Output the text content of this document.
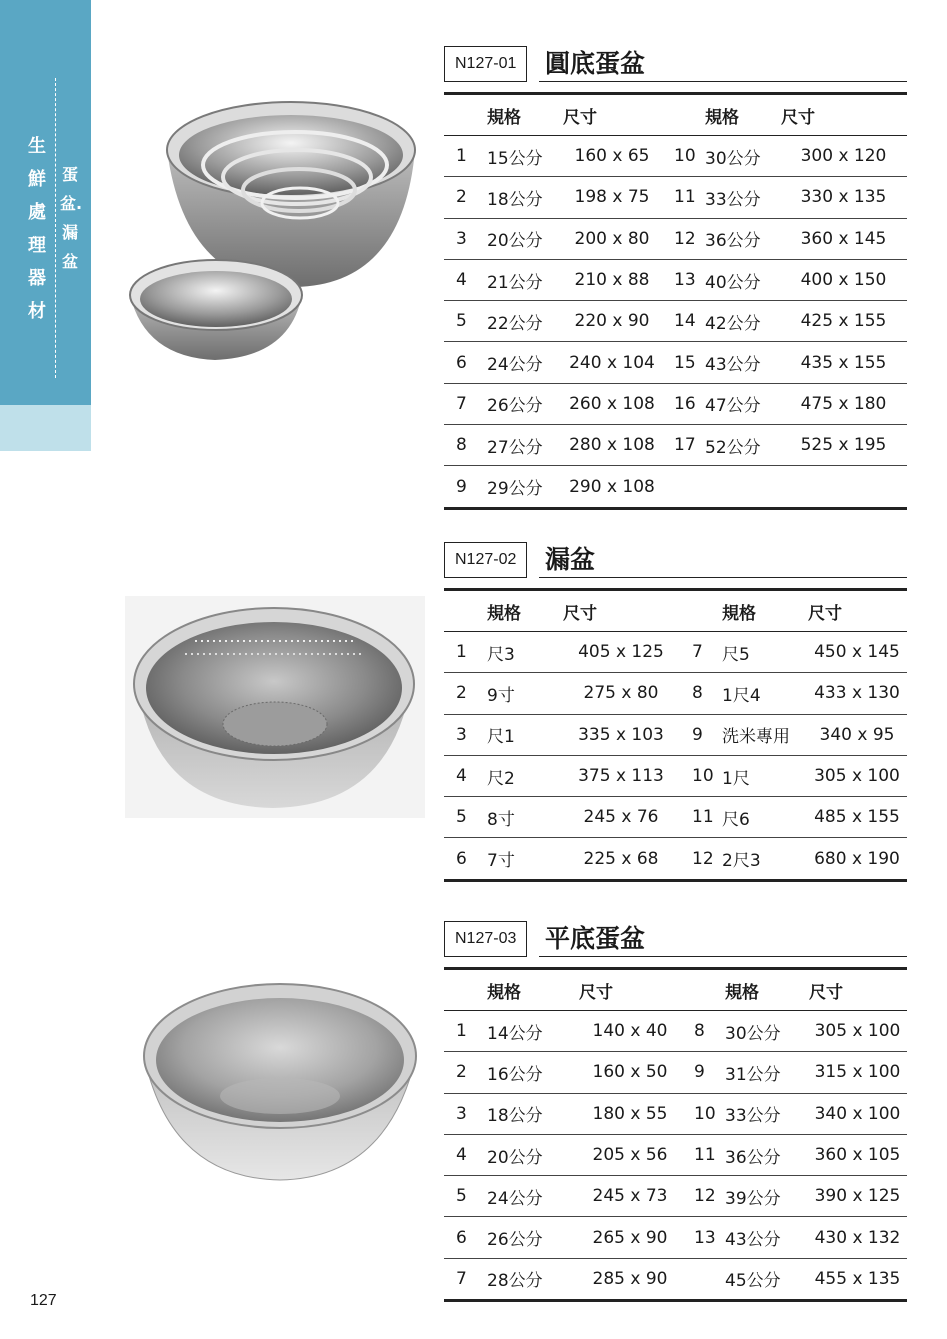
生鮮處理器材
蛋盆.漏盆
N127-01	圓底蛋盆
	規格	尺寸		規格	尺寸
1	15公分	160 x 65	10	30公分	300 x 120
2	18公分	198 x 75	11	33公分	330 x 135
3	20公分	200 x 80	12	36公分	360 x 145
4	21公分	210 x 88	13	40公分	400 x 150
5	22公分	220 x 90	14	42公分	425 x 155
6	24公分	240 x 104	15	43公分	435 x 155
7	26公分	260 x 108	16	47公分	475 x 180
8	27公分	280 x 108	17	52公分	525 x 195
9	29公分	290 x 108			
N127-02	漏盆
	規格	尺寸		規格	尺寸
1	尺3	405 x 125	7	尺5	450 x 145
2	9寸	275 x 80	8	1尺4	433 x 130
3	尺1	335 x 103	9	洗米專用	340 x 95
4	尺2	375 x 113	10	1尺	305 x 100
5	8寸	245 x 76	11	尺6	485 x 155
6	7寸	225 x 68	12	2尺3	680 x 190
N127-03	平底蛋盆
	規格	尺寸		規格	尺寸
1	14公分	140 x 40	8	30公分	305 x 100
2	16公分	160 x 50	9	31公分	315 x 100
3	18公分	180 x 55	10	33公分	340 x 100
4	20公分	205 x 56	11	36公分	360 x 105
5	24公分	245 x 73	12	39公分	390 x 125
6	26公分	265 x 90	13	43公分	430 x 132
7	28公分	285 x 90		45公分	455 x 135
127
